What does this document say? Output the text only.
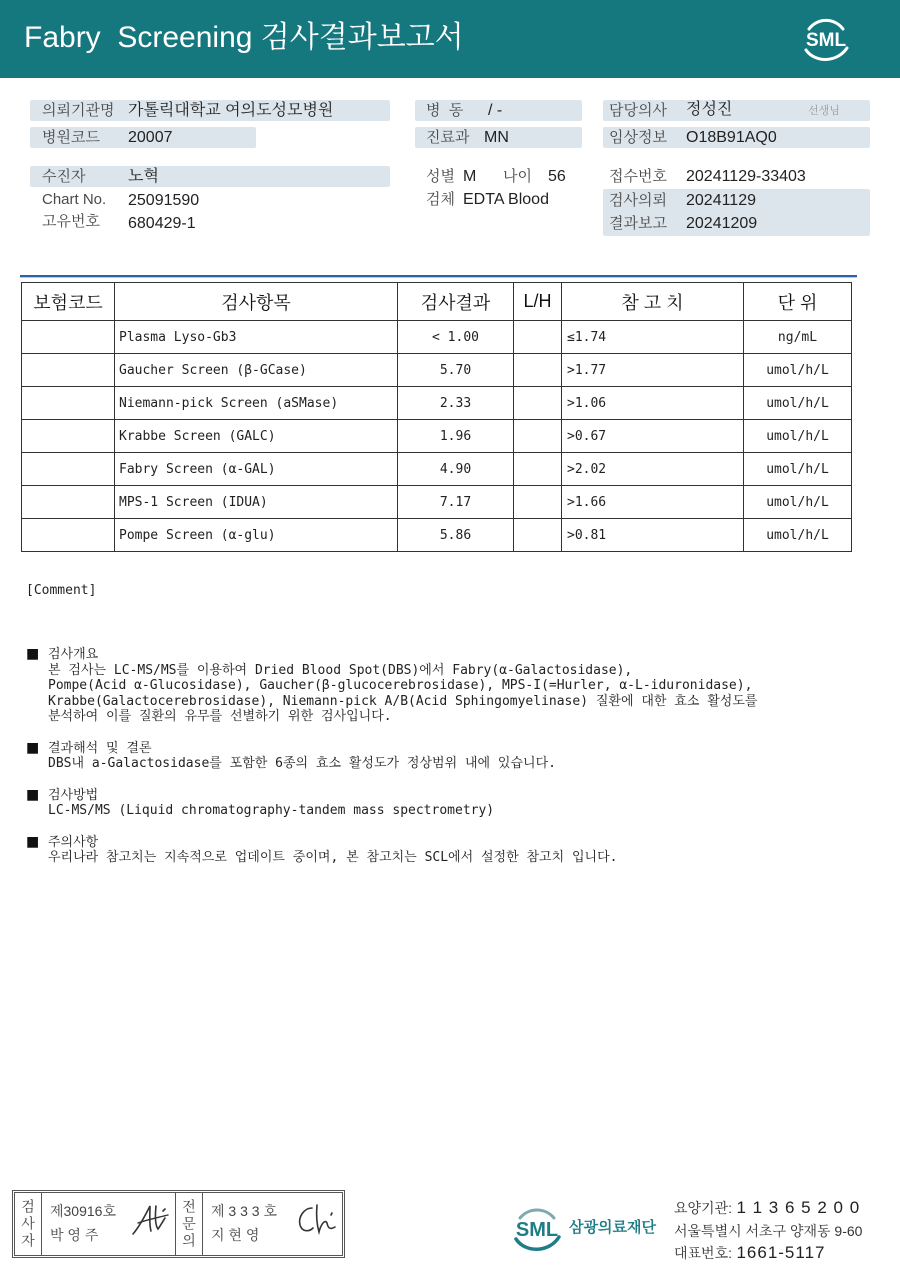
Fabry  Screening 검사결과보고서	SML
의뢰기관명 가톨릭대학교 여의도성모병원
병원코드 20007
수진자	노혁
Chart No. 25091590
고유번호 680429-1
병  동 / -
진료과 MN
성별 M 나이 56
검체 EDTA Blood
담당의사 정성진	선생님
임상정보 O18B91AQ0
접수번호 20241129-33403
검사의뢰 20241129
결과보고 20241209
보험코드	검사항목	검사결과	L/H	참 고 치	단 위
	Plasma Lyso-Gb3	< 1.00		≤1.74	ng/mL
	Gaucher Screen (β-GCase)	5.70		>1.77	umol/h/L
	Niemann-pick Screen (aSMase)	2.33		>1.06	umol/h/L
	Krabbe Screen (GALC)	1.96		>0.67	umol/h/L
	Fabry Screen (α-GAL)	4.90		>2.02	umol/h/L
	MPS-1 Screen (IDUA)	7.17		>1.66	umol/h/L
	Pompe Screen (α-glu)	5.86		>0.81	umol/h/L
[Comment]
■ 검사개요
본 검사는 LC-MS/MS를 이용하여 Dried Blood Spot(DBS)에서 Fabry(α-Galactosidase),
Pompe(Acid α-Glucosidase), Gaucher(β-glucocerebrosidase), MPS-I(=Hurler, α-L-iduronidase),
Krabbe(Galactocerebrosidase), Niemann-pick A/B(Acid Sphingomyelinase) 질환에 대한 효소 활성도를
분석하여 이를 질환의 유무를 선별하기 위한 검사입니다.
■ 결과해석 및 결론
DBS내 a-Galactosidase를 포함한 6종의 효소 활성도가 정상범위 내에 있습니다.
■ 검사방법
LC-MS/MS (Liquid chromatography-tandem mass spectrometry)
■ 주의사항
우리나라 참고치는 지속적으로 업데이트 중이며, 본 참고치는 SCL에서 설정한 참고치 입니다.
검사자 제30916호
박 영 주	전문의 제 3 3 3 호
지 현 영	SML 삼광의료재단
요양기관: 1 1 3 6 5 2 0 0
서울특별시 서초구 양재동 9-60
대표번호: 1661-5117
